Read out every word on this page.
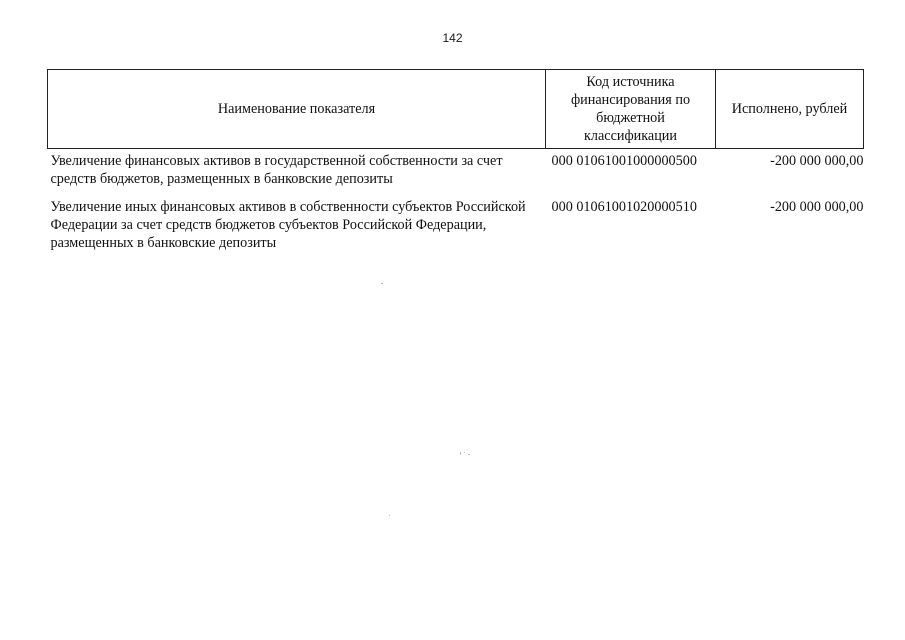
142
Наименование показателя	Код источника финансирования по бюджетной классификации	Исполнено, рублей
Увеличение финансовых активов в государственной собственности за счет средств бюджетов, размещенных в банковские депозиты	000 01061001000000500	-200 000 000,00
Увеличение иных финансовых активов в собственности субъектов Российской Федерации за счет средств бюджетов субъектов Российской Федерации, размещенных в банковские депозиты	000 01061001020000510	-200 000 000,00
